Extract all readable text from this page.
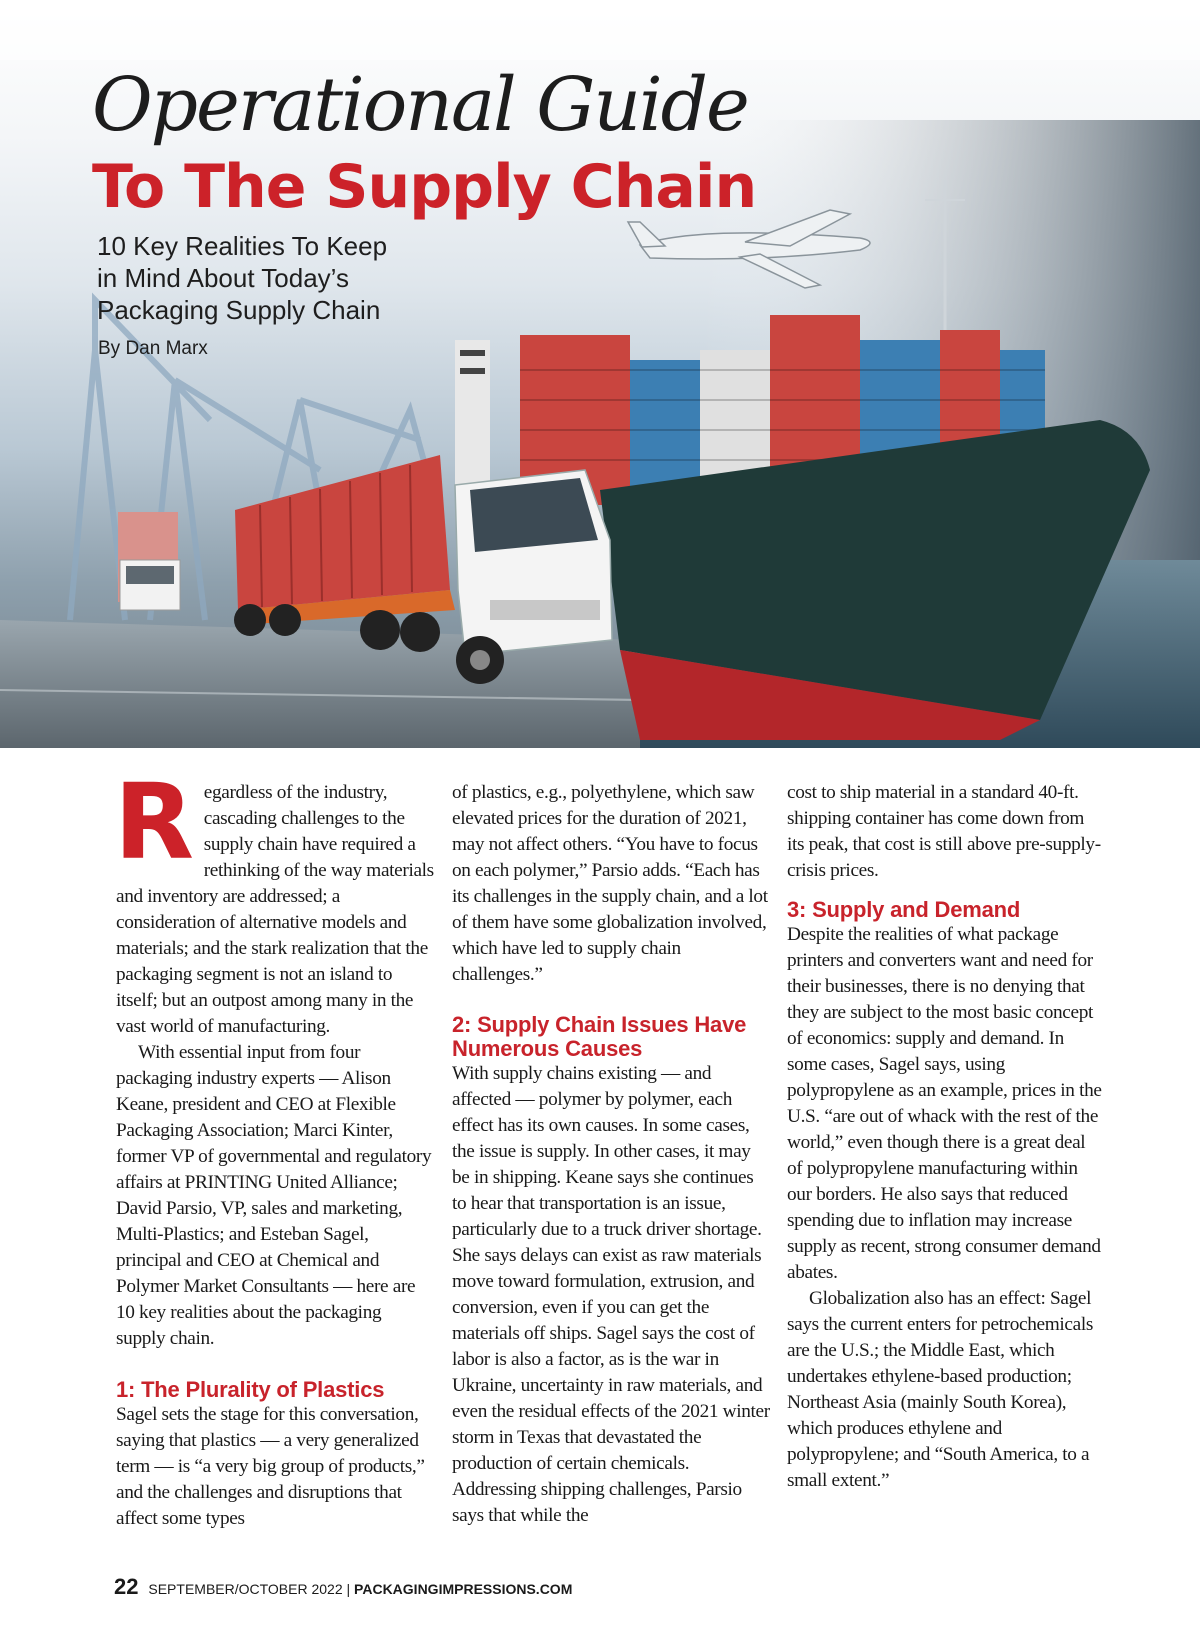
Operational Guide
To The Supply Chain
10 Key Realities To Keep
in Mind About Today’s
Packaging Supply Chain
By Dan Marx

Regardless of the industry, cascading challenges to the supply chain have required a rethinking of the way materials and inventory are addressed; a consideration of alternative models and materials; and the stark realization that the packaging segment is not an island to itself; but an outpost among many in the vast world of manufacturing.

With essential input from four packaging industry experts — Alison Keane, president and CEO at Flexible Packaging Association; Marci Kinter, former VP of governmental and regulatory affairs at PRINTING United Alliance; David Parsio, VP, sales and marketing, Multi-Plastics; and Esteban Sagel, principal and CEO at Chemical and Polymer Market Consultants — here are 10 key realities about the packaging supply chain.

1: The Plurality of Plastics

Sagel sets the stage for this conversation, saying that plastics — a very generalized term — is “a very big group of products,” and the challenges and disruptions that affect some types

of plastics, e.g., polyethylene, which saw elevated prices for the duration of 2021, may not affect others. “You have to focus on each polymer,” Parsio adds. “Each has its challenges in the supply chain, and a lot of them have some globalization involved, which have led to supply chain challenges.”

2: Supply Chain Issues Have Numerous Causes

With supply chains existing — and affected — polymer by polymer, each effect has its own causes. In some cases, the issue is supply. In other cases, it may be in shipping. Keane says she continues to hear that transportation is an issue, particularly due to a truck driver shortage. She says delays can exist as raw materials move toward formulation, extrusion, and conversion, even if you can get the materials off ships. Sagel says the cost of labor is also a factor, as is the war in Ukraine, uncertainty in raw materials, and even the residual effects of the 2021 winter storm in Texas that devastated the production of certain chemicals. Addressing shipping challenges, Parsio says that while the

cost to ship material in a standard 40-ft. shipping container has come down from its peak, that cost is still above pre-supply-crisis prices.

3: Supply and Demand

Despite the realities of what package printers and converters want and need for their businesses, there is no denying that they are subject to the most basic concept of economics: supply and demand. In some cases, Sagel says, using polypropylene as an example, prices in the U.S. “are out of whack with the rest of the world,” even though there is a great deal of polypropylene manufacturing within our borders. He also says that reduced spending due to inflation may increase supply as recent, strong consumer demand abates.

Globalization also has an effect: Sagel says the current enters for petrochemicals are the U.S.; the Middle East, which undertakes ethylene-based production; Northeast Asia (mainly South Korea), which produces ethylene and polypropylene; and “South America, to a small extent.”

22 SEPTEMBER/OCTOBER 2022 | PACKAGINGIMPRESSIONS.COM
